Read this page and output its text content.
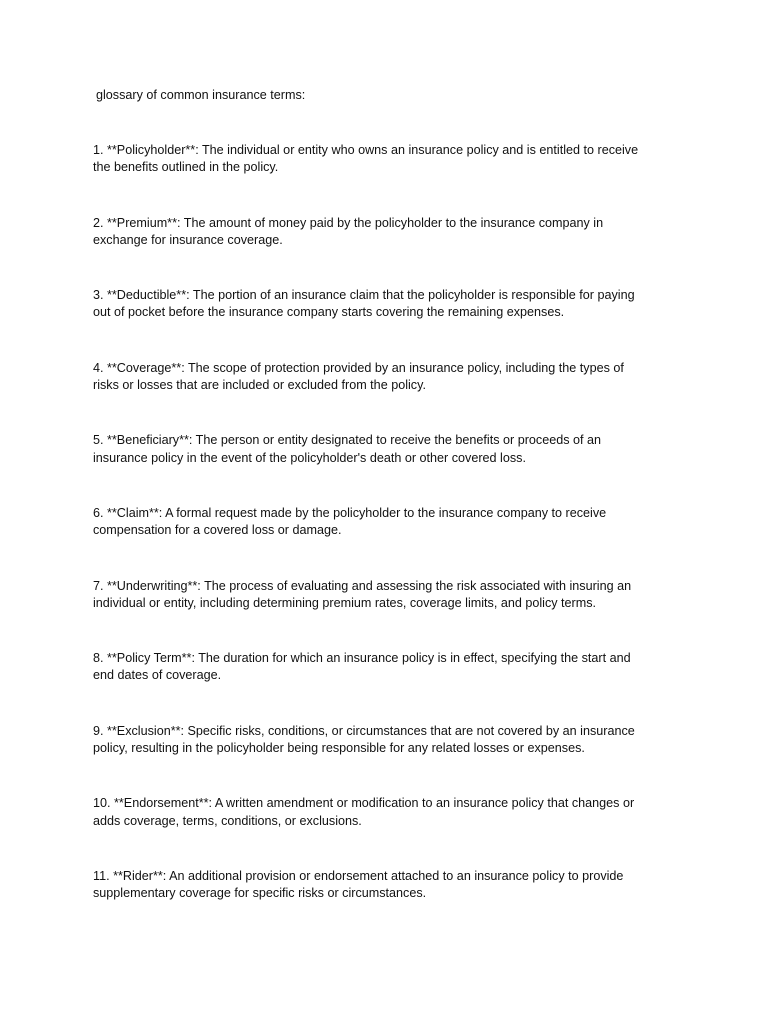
glossary of common insurance terms:
1. **Policyholder**: The individual or entity who owns an insurance policy and is entitled to receive
the benefits outlined in the policy.
2. **Premium**: The amount of money paid by the policyholder to the insurance company in
exchange for insurance coverage.
3. **Deductible**: The portion of an insurance claim that the policyholder is responsible for paying
out of pocket before the insurance company starts covering the remaining expenses.
4. **Coverage**: The scope of protection provided by an insurance policy, including the types of
risks or losses that are included or excluded from the policy.
5. **Beneficiary**: The person or entity designated to receive the benefits or proceeds of an
insurance policy in the event of the policyholder's death or other covered loss.
6. **Claim**: A formal request made by the policyholder to the insurance company to receive
compensation for a covered loss or damage.
7. **Underwriting**: The process of evaluating and assessing the risk associated with insuring an
individual or entity, including determining premium rates, coverage limits, and policy terms.
8. **Policy Term**: The duration for which an insurance policy is in effect, specifying the start and
end dates of coverage.
9. **Exclusion**: Specific risks, conditions, or circumstances that are not covered by an insurance
policy, resulting in the policyholder being responsible for any related losses or expenses.
10. **Endorsement**: A written amendment or modification to an insurance policy that changes or
adds coverage, terms, conditions, or exclusions.
11. **Rider**: An additional provision or endorsement attached to an insurance policy to provide
supplementary coverage for specific risks or circumstances.
